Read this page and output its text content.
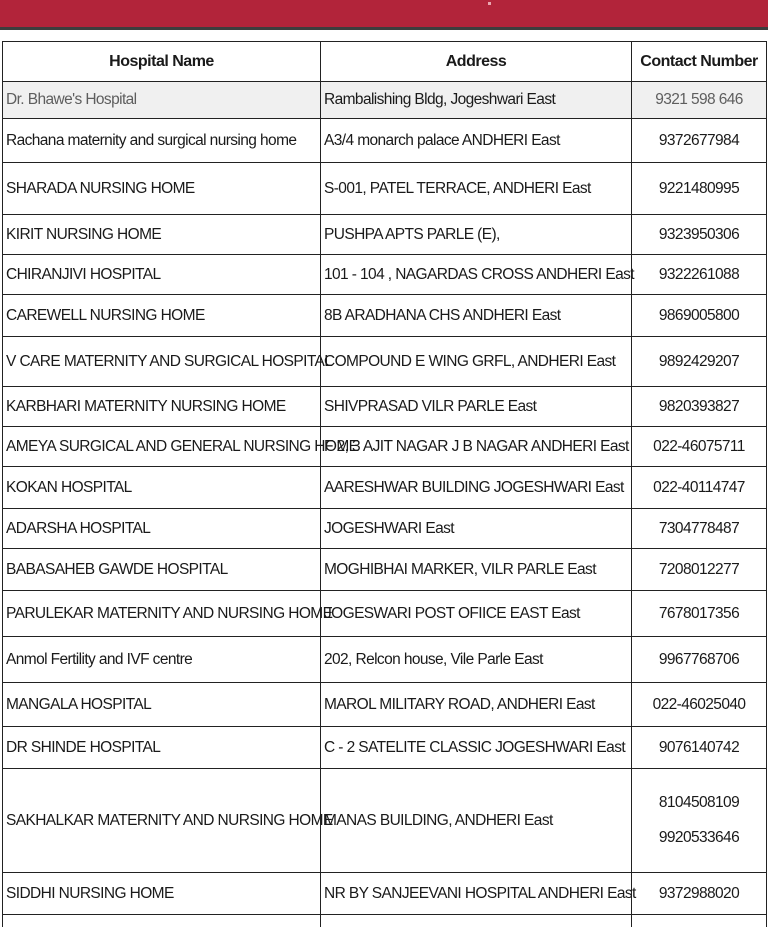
Hospital Name	Address	Contact Number
Dr. Bhawe's Hospital	Rambalishing Bldg, Jogeshwari East	9321 598 646

Rachana maternity and surgical nursing home	A3/4 monarch palace ANDHERI East	9372677984

SHARADA NURSING HOME	S-001, PATEL TERRACE, ANDHERI East	9221480995

KIRIT NURSING HOME	PUSHPA APTS PARLE (E),	9323950306

CHIRANJIVI HOSPITAL	101 - 104 , NAGARDAS CROSS ANDHERI East	9322261088

CAREWELL NURSING HOME	8B ARADHANA CHS ANDHERI East	9869005800

V CARE MATERNITY AND SURGICAL HOSPITAL	COMPOUND E WING GRFL, ANDHERI East	9892429207

KARBHARI MATERNITY NURSING HOME	SHIVPRASAD VILR PARLE East	9820393827

AMEYA SURGICAL AND GENERAL NURSING HOME	F 2, 3 AJIT NAGAR J B NAGAR ANDHERI East	022-46075711

KOKAN HOSPITAL	AARESHWAR BUILDING JOGESHWARI East	022-40114747

ADARSHA HOSPITAL	JOGESHWARI East	7304778487

BABASAHEB GAWDE HOSPITAL	MOGHIBHAI MARKER, VILR PARLE East	7208012277

PARULEKAR MATERNITY AND NURSING HOME	JOGESWARI POST OFIICE EAST East	7678017356

Anmol Fertility and IVF centre	202, Relcon house, Vile Parle East	9967768706

MANGALA HOSPITAL	MAROL MILITARY ROAD, ANDHERI East	022-46025040

DR SHINDE HOSPITAL	C - 2 SATELITE CLASSIC JOGESHWARI East	9076140742

SAKHALKAR MATERNITY AND NURSING HOME	MANAS BUILDING, ANDHERI East	8104508109
9920533646

SIDDHI NURSING HOME	NR BY SANJEEVANI HOSPITAL ANDHERI East	9372988020
